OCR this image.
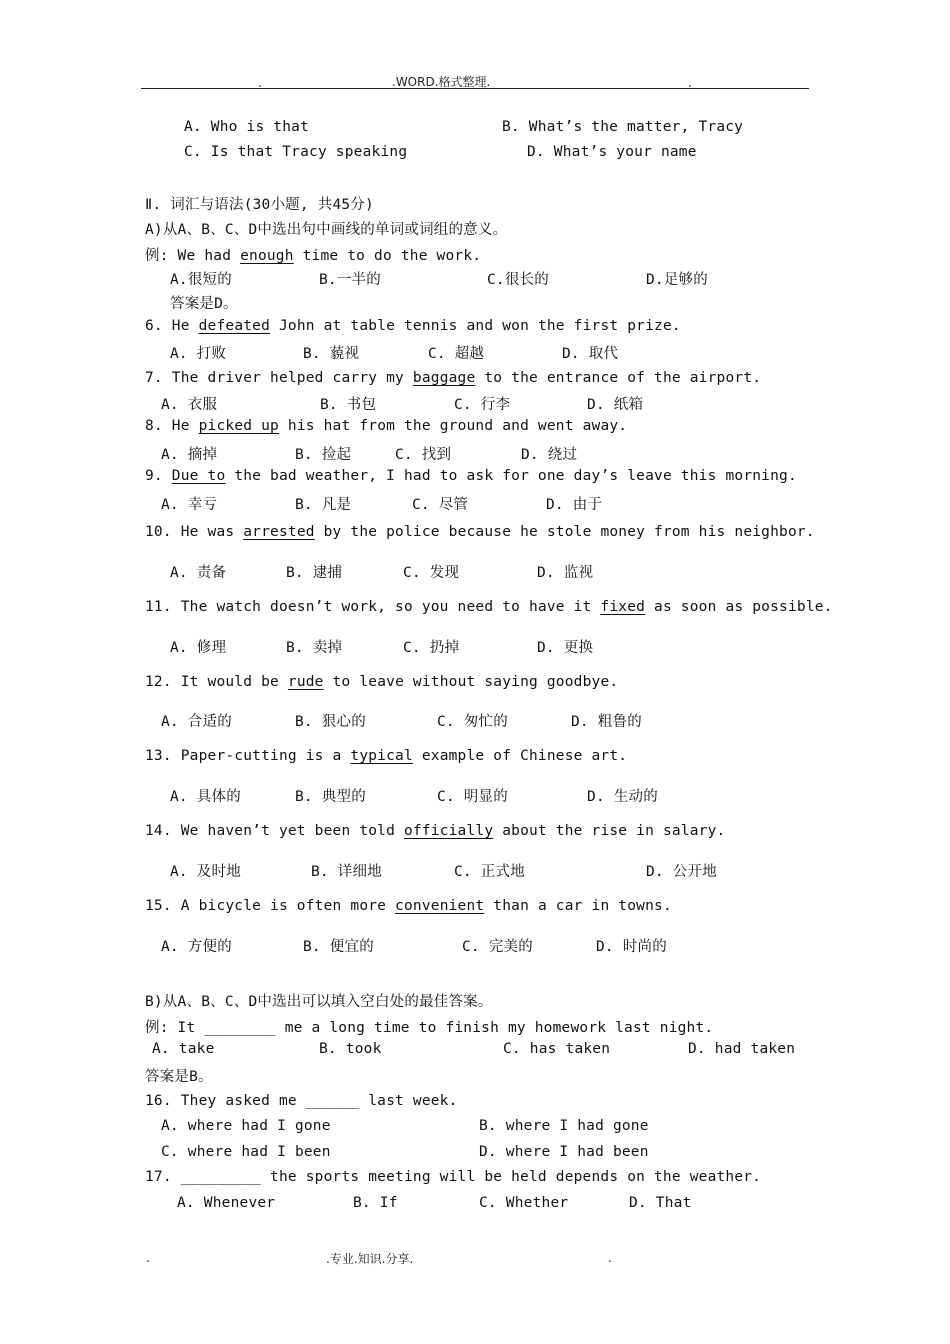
.	.WORD.格式整理.	.
A. Who is that	B. What’s the matter, Tracy
C. Is that Tracy speaking	D. What’s your name
Ⅱ. 词汇与语法(30小题, 共45分)
A)从A、B、C、D中选出句中画线的单词或词组的意义。
例: We had enough time to do the work.
A.很短的	B.一半的	C.很长的	D.足够的
答案是D。
6. He defeated John at table tennis and won the first prize.
A. 打败	B. 藐视	C. 超越	D. 取代
7. The driver helped carry my baggage to the entrance of the airport.
A. 衣服	B. 书包	C. 行李	D. 纸箱
8. He picked up his hat from the ground and went away.
A. 摘掉	B. 捡起	C. 找到	D. 绕过
9. Due to the bad weather, I had to ask for one day’s leave this morning.
A. 幸亏	B. 凡是	C. 尽管	D. 由于
10. He was arrested by the police because he stole money from his neighbor.
A. 责备	B. 逮捕	C. 发现	D. 监视
11. The watch doesn’t work, so you need to have it fixed as soon as possible.
A. 修理	B. 卖掉	C. 扔掉	D. 更换
12. It would be rude to leave without saying goodbye.
A. 合适的	B. 狠心的	C. 匆忙的	D. 粗鲁的
13. Paper-cutting is a typical example of Chinese art.
A. 具体的	B. 典型的	C. 明显的	D. 生动的
14. We haven’t yet been told officially about the rise in salary.
A. 及时地	B. 详细地	C. 正式地	D. 公开地
15. A bicycle is often more convenient than a car in towns.
A. 方便的	B. 便宜的	C. 完美的	D. 时尚的
B)从A、B、C、D中选出可以填入空白处的最佳答案。
例: It ________ me a long time to finish my homework last night.
A. take	B. took	C. has taken	D. had taken
答案是B。
16. They asked me ______ last week.
A. where had I gone	B. where I had gone
C. where had I been	D. where I had been
17. _________ the sports meeting will be held depends on the weather.
A. Whenever	B. If	C. Whether	D. That
.	.专业.知识.分享.	.
